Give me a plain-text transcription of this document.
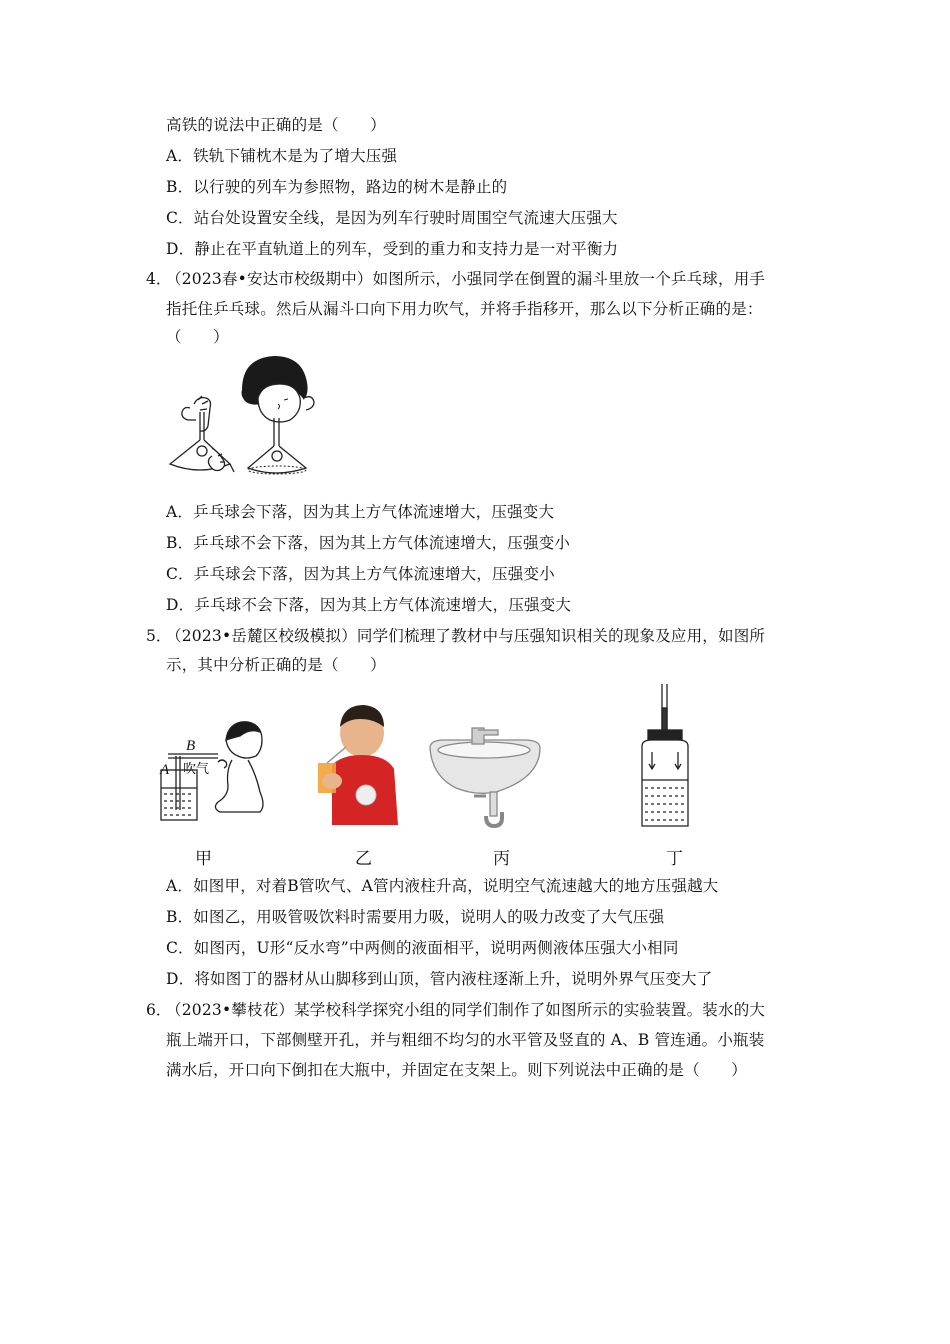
高铁的说法中正确的是（　　）
A．铁轨下铺枕木是为了增大压强
B．以行驶的列车为参照物，路边的树木是静止的
C．站台处设置安全线，是因为列车行驶时周围空气流速大压强大
D．静止在平直轨道上的列车，受到的重力和支持力是一对平衡力
4．
（2023春•安达市校级期中）如图所示，小强同学在倒置的漏斗里放一个乒乓球，用手
指托住乒乓球。然后从漏斗口向下用力吹气，并将手指移开，那么以下分析正确的是：
（　　）
A．乒乓球会下落，因为其上方气体流速增大，压强变大
B．乒乓球不会下落，因为其上方气体流速增大，压强变小
C．乒乓球会下落，因为其上方气体流速增大，压强变小
D．乒乓球不会下落，因为其上方气体流速增大，压强变大
5．
（2023•岳麓区校级模拟）同学们梳理了教材中与压强知识相关的现象及应用，如图所
示，其中分析正确的是（　　）
B
A 吹气
甲	乙	丙	丁
A．如图甲，对着B管吹气、A管内液柱升高，说明空气流速越大的地方压强越大
B．如图乙，用吸管吸饮料时需要用力吸，说明人的吸力改变了大气压强
C．如图丙，U形“反水弯”中两侧的液面相平，说明两侧液体压强大小相同
D．将如图丁的器材从山脚移到山顶，管内液柱逐渐上升，说明外界气压变大了
6．
（2023•攀枝花）某学校科学探究小组的同学们制作了如图所示的实验装置。装水的大
瓶上端开口，下部侧壁开孔，并与粗细不均匀的水平管及竖直的 A、B 管连通。小瓶装
满水后，开口向下倒扣在大瓶中，并固定在支架上。则下列说法中正确的是（　　）
